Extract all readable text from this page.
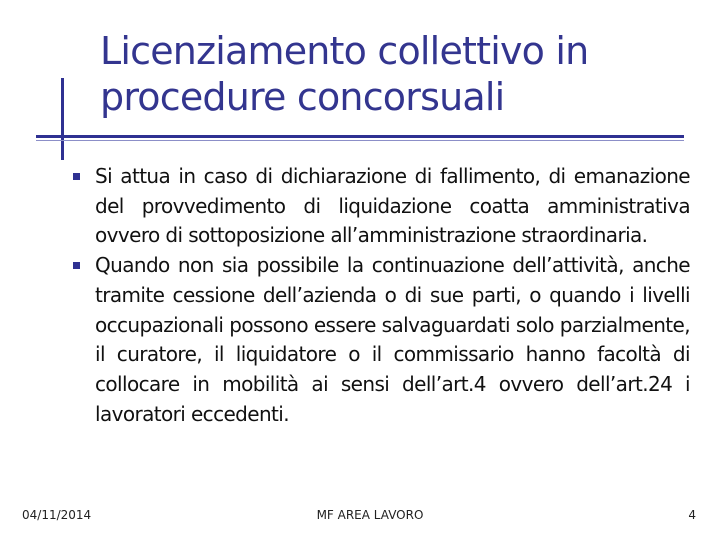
Licenziamento collettivo in procedure concorsuali
Si attua in caso di dichiarazione di fallimento, di emanazione del provvedimento di liquidazione coatta amministrativa ovvero di sottoposizione all’amministrazione straordinaria.
Quando non sia possibile la continuazione dell’attività, anche tramite cessione dell’azienda o di sue parti, o quando i livelli occupazionali possono essere salvaguardati solo parzialmente, il curatore, il liquidatore o il commissario hanno facoltà di collocare in mobilità ai sensi dell’art.4 ovvero dell’art.24 i lavoratori eccedenti.
04/11/2014	MF AREA LAVORO	4
